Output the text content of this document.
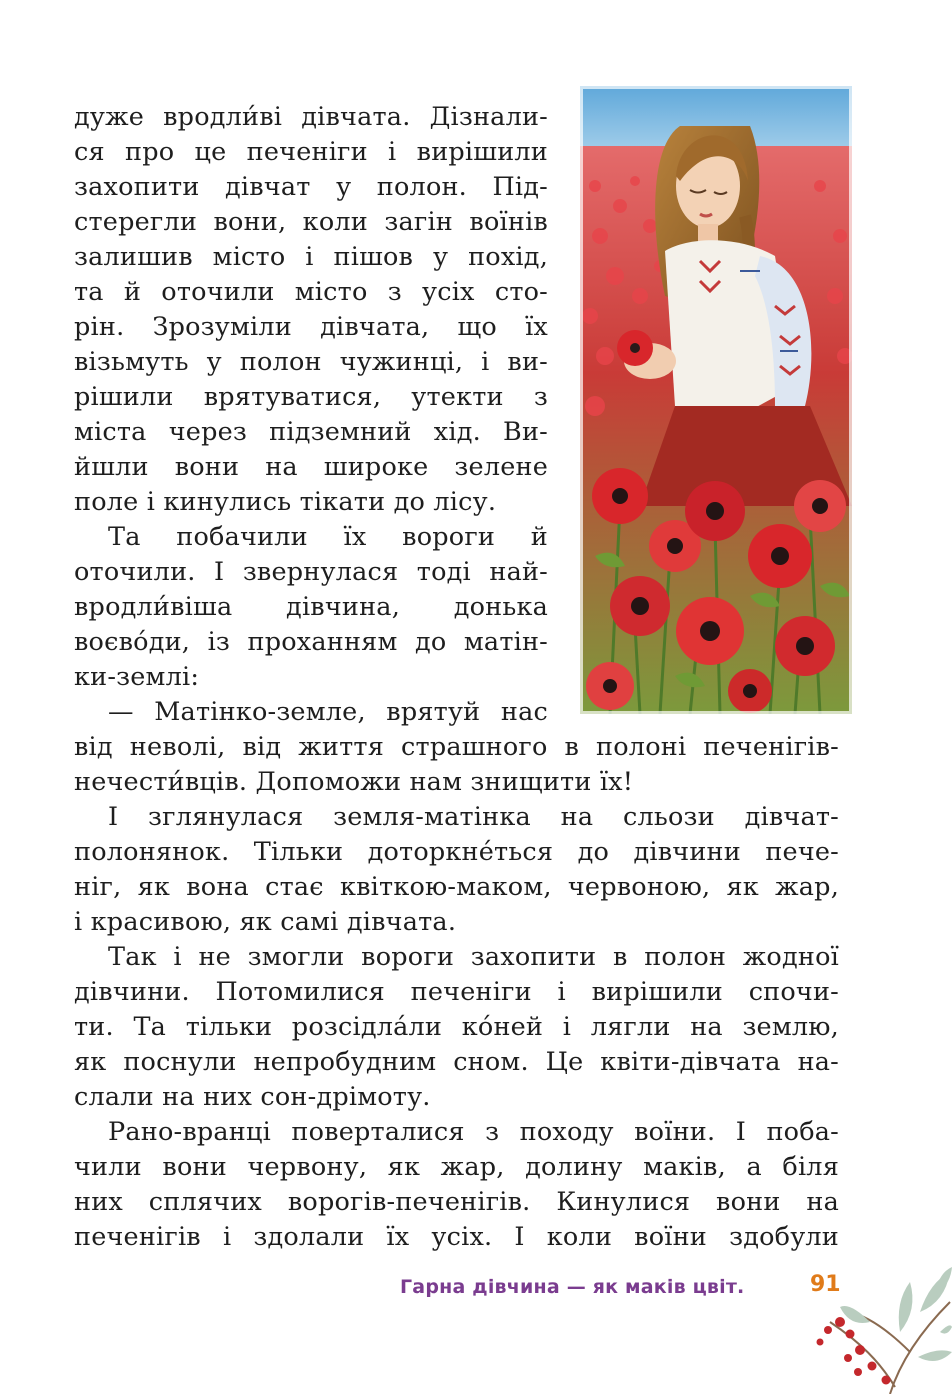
дуже вродли́ві дівчата. Дізнали-
ся про це печеніги і вирішили
захопити дівчат у полон. Під-
стерегли вони, коли загін воїнів
залишив місто і пішов у похід,
та й оточили місто з усіх сто-
рін. Зрозуміли дівчата, що їх
візьмуть у полон чужинці, і ви-
рішили врятуватися, утекти з
міста через підземний хід. Ви-
йшли вони на широке зелене
поле і кинулись тікати до лісу.
Та побачили їх вороги й
оточили. І звернулася тоді най-
вродли́віша дівчина, донька
воєво́ди, із проханням до матін-
ки-землі:
— Матінко-земле, врятуй нас
від неволі, від життя страшного в полоні печенігів-
нечести́вців. Допоможи нам знищити їх!
І зглянулася земля-матінка на сльози дівчат-
полонянок. Тільки доторкне́ться до дівчини пече-
ніг, як вона стає квіткою-маком, червоною, як жар,
і красивою, як самі дівчата.
Так і не змогли вороги захопити в полон жодної
дівчини. Потомилися печеніги і вирішили спочи-
ти. Та тільки розсідла́ли ко́ней і лягли на землю,
як поснули непробудним сном. Це квіти-дівчата на-
слали на них сон-дрімоту.
Рано-вранці поверталися з походу воїни. І поба-
чили вони червону, як жар, долину маків, а біля
них сплячих ворогів-печенігів. Кинулися вони на
печенігів і здолали їх усіх. І коли воїни здобули
Гарна дівчина — як маків цвіт.	91
